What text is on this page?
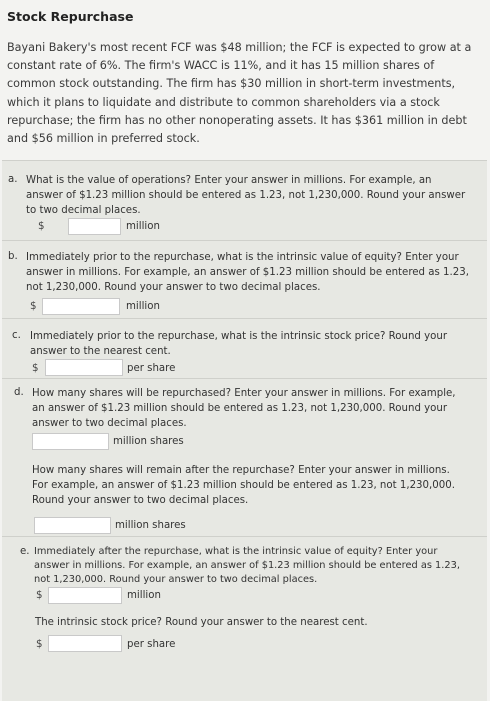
Stock Repurchase

Bayani Bakery's most recent FCF was $48 million; the FCF is expected to grow at a constant rate of 6%. The firm's WACC is 11%, and it has 15 million shares of common stock outstanding. The firm has $30 million in short-term investments, which it plans to liquidate and distribute to common shareholders via a stock repurchase; the firm has no other nonoperating assets. It has $361 million in debt and $56 million in preferred stock.

a. What is the value of operations? Enter your answer in millions. For example, an answer of $1.23 million should be entered as 1.23, not 1,230,000. Round your answer to two decimal places.

$	million
b. Immediately prior to the repurchase, what is the intrinsic value of equity? Enter your answer in millions. For example, an answer of $1.23 million should be entered as 1.23, not 1,230,000. Round your answer to two decimal places.

$	million
c. Immediately prior to the repurchase, what is the intrinsic stock price? Round your answer to the nearest cent.

$	per share
d. How many shares will be repurchased? Enter your answer in millions. For example, an answer of $1.23 million should be entered as 1.23, not 1,230,000. Round your answer to two decimal places.

million shares

How many shares will remain after the repurchase? Enter your answer in millions. For example, an answer of $1.23 million should be entered as 1.23, not 1,230,000. Round your answer to two decimal places.

million shares
e. Immediately after the repurchase, what is the intrinsic value of equity? Enter your answer in millions. For example, an answer of $1.23 million should be entered as 1.23, not 1,230,000. Round your answer to two decimal places.

$	million

The intrinsic stock price? Round your answer to the nearest cent.

$	per share
